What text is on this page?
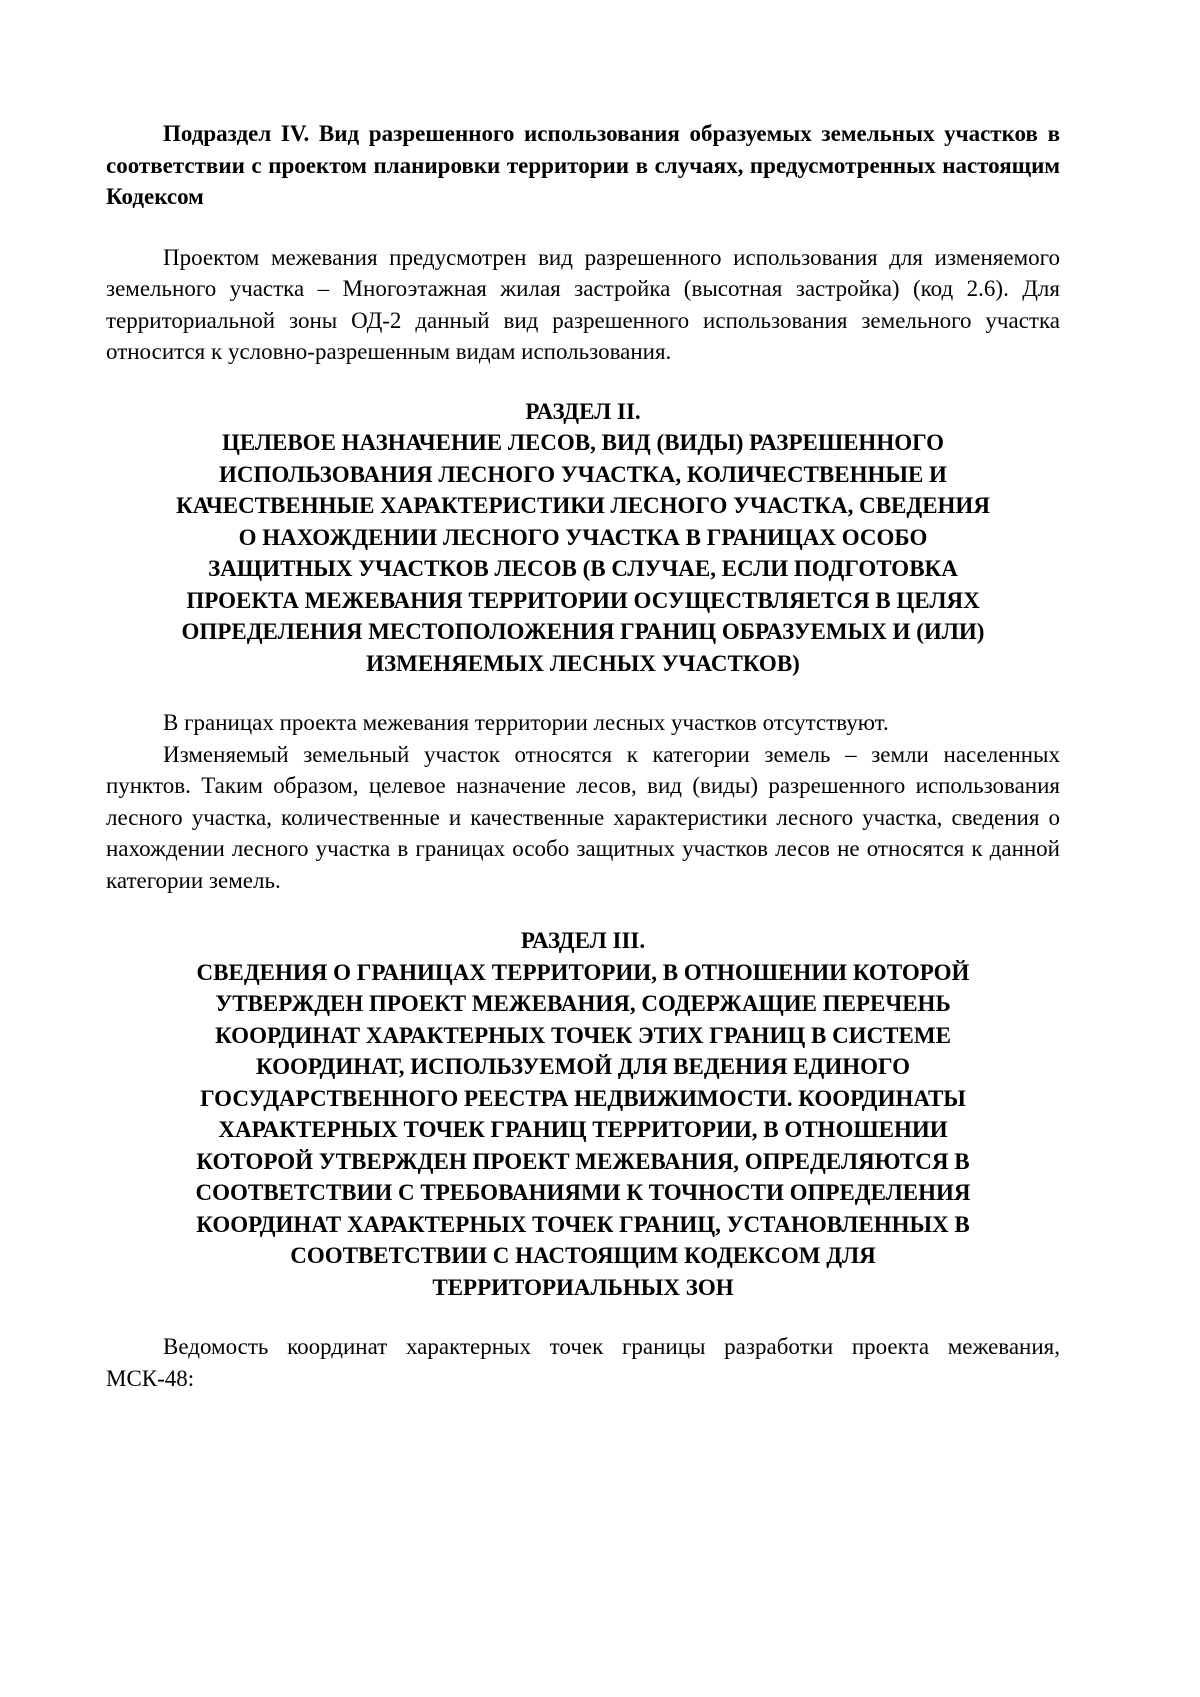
Подраздел IV. Вид разрешенного использования образуемых земельных участков в соответствии с проектом планировки территории в случаях, предусмотренных настоящим Кодексом

Проектом межевания предусмотрен вид разрешенного использования для изменяемого земельного участка – Многоэтажная жилая застройка (высотная застройка) (код 2.6). Для территориальной зоны ОД-2 данный вид разрешенного использования земельного участка относится к условно-разрешенным видам использования.

РАЗДЕЛ II.
ЦЕЛЕВОЕ НАЗНАЧЕНИЕ ЛЕСОВ, ВИД (ВИДЫ) РАЗРЕШЕННОГО
ИСПОЛЬЗОВАНИЯ ЛЕСНОГО УЧАСТКА, КОЛИЧЕСТВЕННЫЕ И
КАЧЕСТВЕННЫЕ ХАРАКТЕРИСТИКИ ЛЕСНОГО УЧАСТКА, СВЕДЕНИЯ
О НАХОЖДЕНИИ ЛЕСНОГО УЧАСТКА В ГРАНИЦАХ ОСОБО
ЗАЩИТНЫХ УЧАСТКОВ ЛЕСОВ (В СЛУЧАЕ, ЕСЛИ ПОДГОТОВКА
ПРОЕКТА МЕЖЕВАНИЯ ТЕРРИТОРИИ ОСУЩЕСТВЛЯЕТСЯ В ЦЕЛЯХ
ОПРЕДЕЛЕНИЯ МЕСТОПОЛОЖЕНИЯ ГРАНИЦ ОБРАЗУЕМЫХ И (ИЛИ)
ИЗМЕНЯЕМЫХ ЛЕСНЫХ УЧАСТКОВ)

В границах проекта межевания территории лесных участков отсутствуют.

Изменяемый земельный участок относятся к категории земель – земли населенных пунктов. Таким образом, целевое назначение лесов, вид (виды) разрешенного использования лесного участка, количественные и качественные характеристики лесного участка, сведения о нахождении лесного участка в границах особо защитных участков лесов не относятся к данной категории земель.

РАЗДЕЛ III.
СВЕДЕНИЯ О ГРАНИЦАХ ТЕРРИТОРИИ, В ОТНОШЕНИИ КОТОРОЙ
УТВЕРЖДЕН ПРОЕКТ МЕЖЕВАНИЯ, СОДЕРЖАЩИЕ ПЕРЕЧЕНЬ
КООРДИНАТ ХАРАКТЕРНЫХ ТОЧЕК ЭТИХ ГРАНИЦ В СИСТЕМЕ
КООРДИНАТ, ИСПОЛЬЗУЕМОЙ ДЛЯ ВЕДЕНИЯ ЕДИНОГО
ГОСУДАРСТВЕННОГО РЕЕСТРА НЕДВИЖИМОСТИ. КООРДИНАТЫ
ХАРАКТЕРНЫХ ТОЧЕК ГРАНИЦ ТЕРРИТОРИИ, В ОТНОШЕНИИ
КОТОРОЙ УТВЕРЖДЕН ПРОЕКТ МЕЖЕВАНИЯ, ОПРЕДЕЛЯЮТСЯ В
СООТВЕТСТВИИ С ТРЕБОВАНИЯМИ К ТОЧНОСТИ ОПРЕДЕЛЕНИЯ
КООРДИНАТ ХАРАКТЕРНЫХ ТОЧЕК ГРАНИЦ, УСТАНОВЛЕННЫХ В
СООТВЕТСТВИИ С НАСТОЯЩИМ КОДЕКСОМ ДЛЯ
ТЕРРИТОРИАЛЬНЫХ ЗОН

Ведомость координат характерных точек границы разработки проекта межевания, МСК-48:
